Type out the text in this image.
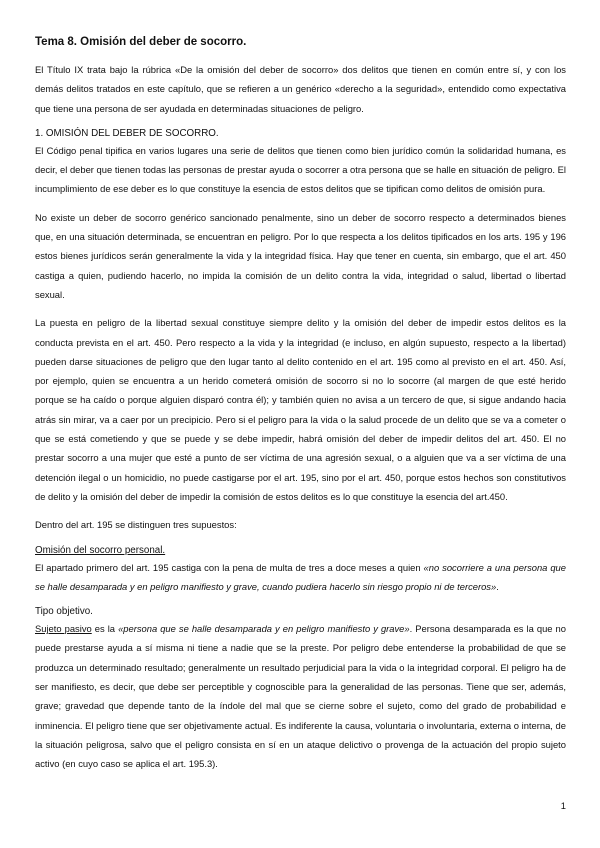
Tema 8. Omisión del deber de socorro.

El Título IX trata bajo la rúbrica «De la omisión del deber de socorro» dos delitos que tienen en común entre sí, y con los demás delitos tratados en este capítulo, que se refieren a un genérico «derecho a la seguridad», entendido como expectativa que tiene una persona de ser ayudada en determinadas situaciones de peligro.

1. OMISIÓN DEL DEBER DE SOCORRO.

El Código penal tipifica en varios lugares una serie de delitos que tienen como bien jurídico común la solidaridad humana, es decir, el deber que tienen todas las personas de prestar ayuda o socorrer a otra persona que se halle en situación de peligro. El incumplimiento de ese deber es lo que constituye la esencia de estos delitos que se tipifican como delitos de omisión pura.

No existe un deber de socorro genérico sancionado penalmente, sino un deber de socorro respecto a determinados bienes que, en una situación determinada, se encuentran en peligro. Por lo que respecta a los delitos tipificados en los arts. 195 y 196 estos bienes jurídicos serán generalmente la vida y la integridad física. Hay que tener en cuenta, sin embargo, que el art. 450 castiga a quien, pudiendo hacerlo, no impida la comisión de un delito contra la vida, integridad o salud, libertad o libertad sexual.

La puesta en peligro de la libertad sexual constituye siempre delito y la omisión del deber de impedir estos delitos es la conducta prevista en el art. 450. Pero respecto a la vida y la integridad (e incluso, en algún supuesto, respecto a la libertad) pueden darse situaciones de peligro que den lugar tanto al delito contenido en el art. 195 como al previsto en el art. 450. Así, por ejemplo, quien se encuentra a un herido cometerá omisión de socorro si no lo socorre (al margen de que esté herido porque se ha caído o porque alguien disparó contra él); y también quien no avisa a un tercero de que, si sigue andando hacia atrás sin mirar, va a caer por un precipicio. Pero si el peligro para la vida o la salud procede de un delito que se va a cometer o que se está cometiendo y que se puede y se debe impedir, habrá omisión del deber de impedir delitos del art. 450. El no prestar socorro a una mujer que esté a punto de ser víctima de una agresión sexual, o a alguien que va a ser víctima de una detención ilegal o un homicidio, no puede castigarse por el art. 195, sino por el art. 450, porque estos hechos son constitutivos de delito y la omisión del deber de impedir la comisión de estos delitos es lo que constituye la esencia del art.450.

Dentro del art. 195 se distinguen tres supuestos:

Omisión del socorro personal.

El apartado primero del art. 195 castiga con la pena de multa de tres a doce meses a quien «no socorriere a una persona que se halle desamparada y en peligro manifiesto y grave, cuando pudiera hacerlo sin riesgo propio ni de terceros».

Tipo objetivo.

Sujeto pasivo es la «persona que se halle desamparada y en peligro manifiesto y grave». Persona desamparada es la que no puede prestarse ayuda a sí misma ni tiene a nadie que se la preste. Por peligro debe entenderse la probabilidad de que se produzca un determinado resultado; generalmente un resultado perjudicial para la vida o la integridad corporal. El peligro ha de ser manifiesto, es decir, que debe ser perceptible y cognoscible para la generalidad de las personas. Tiene que ser, además, grave; gravedad que depende tanto de la índole del mal que se cierne sobre el sujeto, como del grado de probabilidad e inminencia. El peligro tiene que ser objetivamente actual. Es indiferente la causa, voluntaria o involuntaria, externa o interna, de la situación peligrosa, salvo que el peligro consista en sí en un ataque delictivo o provenga de la actuación del propio sujeto activo (en cuyo caso se aplica el art. 195.3).

1
